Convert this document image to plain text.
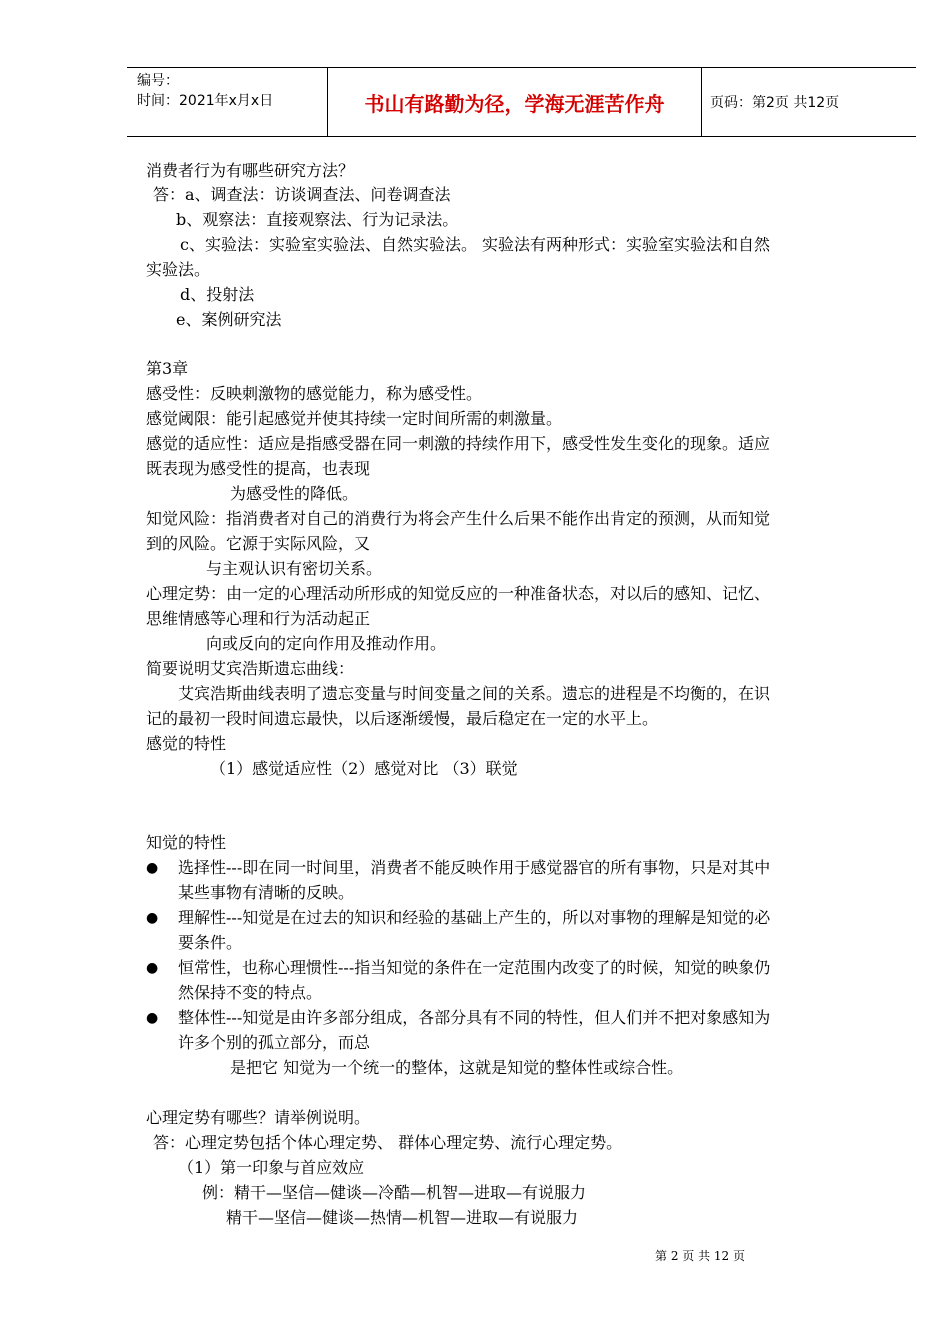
编号：
时间：2021年x月x日	书山有路勤为径，学海无涯苦作舟	页码：第2页 共12页
消费者行为有哪些研究方法？
答：a、调查法：访谈调查法、问卷调查法
b、观察法：直接观察法、行为记录法。
c、实验法：实验室实验法、自然实验法。 实验法有两种形式：实验室实验法和自然
实验法。
d、投射法
e、案例研究法
第3章
感受性：反映刺激物的感觉能力，称为感受性。
感觉阈限：能引起感觉并使其持续一定时间所需的刺激量。
感觉的适应性：适应是指感受器在同一刺激的持续作用下，感受性发生变化的现象。适应
既表现为感受性的提高，也表现
为感受性的降低。
知觉风险：指消费者对自己的消费行为将会产生什么后果不能作出肯定的预测，从而知觉
到的风险。它源于实际风险，又
与主观认识有密切关系。
心理定势：由一定的心理活动所形成的知觉反应的一种准备状态，对以后的感知、记忆、
思维情感等心理和行为活动起正
向或反向的定向作用及推动作用。
简要说明艾宾浩斯遗忘曲线：
艾宾浩斯曲线表明了遗忘变量与时间变量之间的关系。遗忘的进程是不均衡的，在识
记的最初一段时间遗忘最快，以后逐渐缓慢，最后稳定在一定的水平上。
感觉的特性
（1）感觉适应性（2）感觉对比 （3）联觉
知觉的特性
● 选择性---即在同一时间里，消费者不能反映作用于感觉器官的所有事物，只是对其中
某些事物有清晰的反映。
● 理解性---知觉是在过去的知识和经验的基础上产生的，所以对事物的理解是知觉的必
要条件。
● 恒常性，也称心理惯性---指当知觉的条件在一定范围内改变了的时候，知觉的映象仍
然保持不变的特点。
● 整体性---知觉是由许多部分组成，各部分具有不同的特性，但人们并不把对象感知为
许多个别的孤立部分，而总
是把它 知觉为一个统一的整体，这就是知觉的整体性或综合性。
心理定势有哪些？请举例说明。
答：心理定势包括个体心理定势、 群体心理定势、流行心理定势。
（1）第一印象与首应效应
例：精干—坚信—健谈—冷酷—机智—进取—有说服力
精干—坚信—健谈—热情—机智—进取—有说服力
第 2 页 共 12 页
